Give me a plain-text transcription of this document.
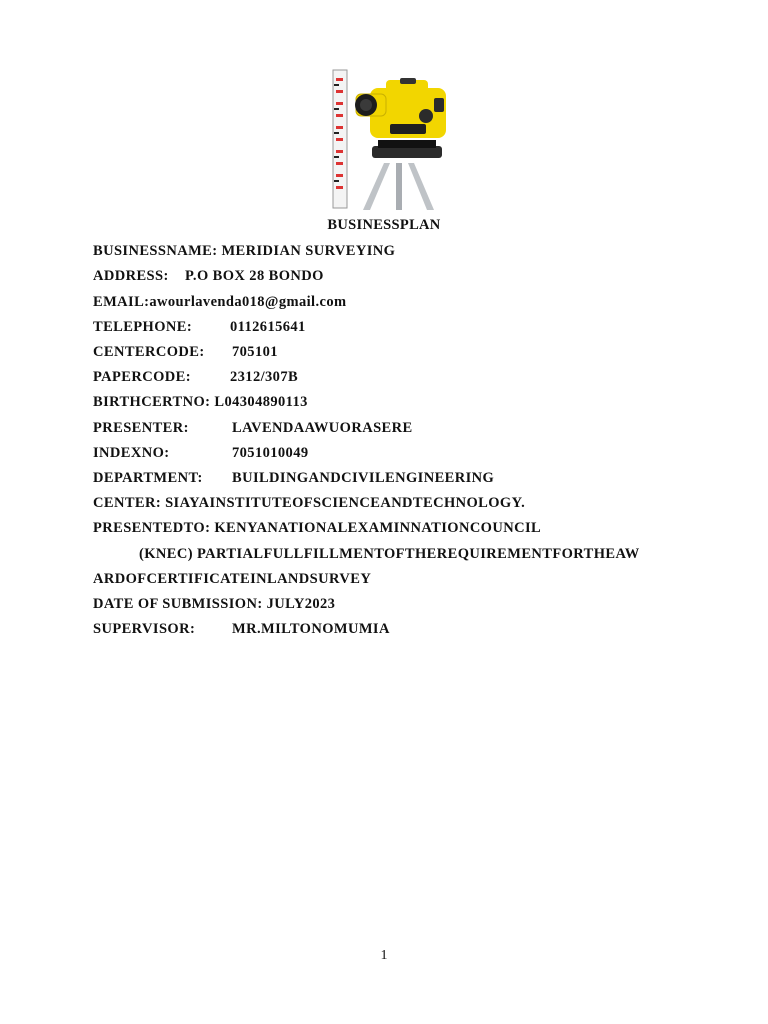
BUSINESSPLAN
BUSINESSNAME: MERIDIAN SURVEYING
ADDRESS: P.O BOX 28 BONDO
EMAIL:awourlavenda018@gmail.com
TELEPHONE:	0112615641
CENTERCODE: 705101
PAPERCODE:	2312/307B
BIRTHCERTNO: L04304890113
PRESENTER:	LAVENDAAWUORASERE
INDEXNO:	7051010049
DEPARTMENT: BUILDINGANDCIVILENGINEERING
CENTER: SIAYAINSTITUTEOFSCIENCEANDTECHNOLOGY.
PRESENTEDTO: KENYANATIONALEXAMINNATIONCOUNCIL
(KNEC) PARTIALFULLFILLMENTOFTHEREQUIREMENTFORTHEAW
ARDOFCERTIFICATEINLANDSURVEY
DATE OF SUBMISSION: JULY2023
SUPERVISOR:	MR.MILTONOMUMIA
1
